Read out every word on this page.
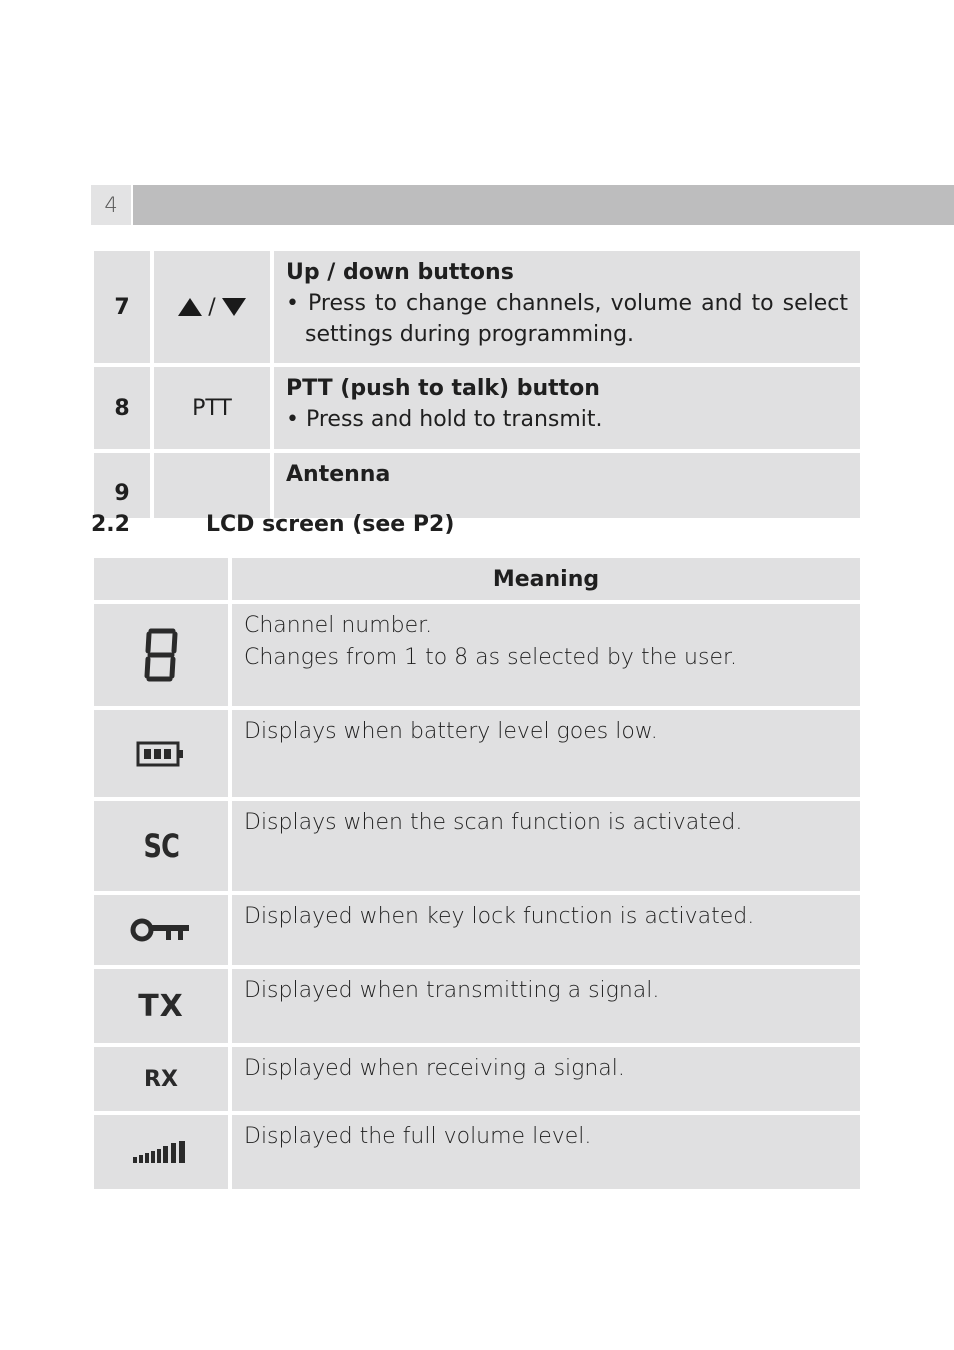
4
7	/	Up / down buttons
• Press to change channels, volume and to select settings during programming.

8	PTT	PTT (push to talk) button
• Press and hold to transmit.

9		Antenna
2.2	LCD screen (see P2)
	Meaning

Channel number.
Changes from 1 to 8 as selected by the user.

Displays when battery level goes low.

SC	Displays when the scan function is activated.

Displayed when key lock function is activated.

TX	Displayed when transmitting a signal.

RX	Displayed when receiving a signal.

Displayed the full volume level.
